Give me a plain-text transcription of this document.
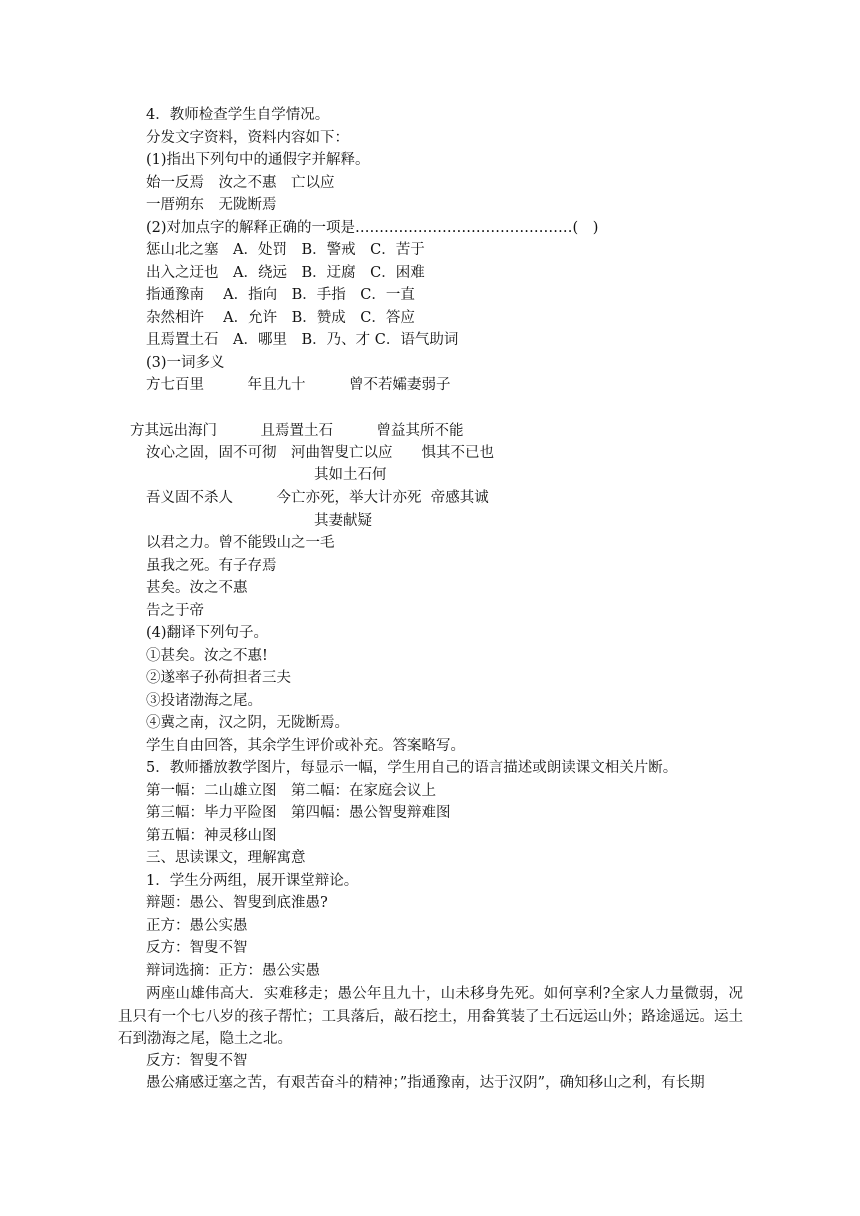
4．教师检查学生自学情况。
分发文字资料，资料内容如下：
(1)指出下列句中的通假字并解释。
始一反焉　汝之不惠　亡以应
一厝朔东　无陇断焉
(2)对加点字的解释正确的一项是………………………………………(　)
惩山北之塞　A．处罚　B．警戒　C．苦于
出入之迂也　A．绕远　B．迂腐　C．困难
指通豫南　 A．指向　B．手指　C．一直
杂然相许　 A．允许　B．赞成　C．答应
且焉置土石　A．哪里　B．乃、才 C．语气助词
(3)一词多义
方七百里　　　年且九十　　　曾不若孀妻弱子
方其远出海门　　　且焉置土石　　　曾益其所不能
汝心之固，固不可彻　河曲智叟亡以应　　惧其不已也
其如土石何
吾义固不杀人　　　今亡亦死，举大计亦死  帝感其诚
其妻献疑
以君之力。曾不能毁山之一毛
虽我之死。有子存焉
甚矣。汝之不惠
告之于帝
(4)翻译下列句子。
①甚矣。汝之不惠!
②遂率子孙荷担者三夫
③投诸渤海之尾。
④冀之南，汉之阴，无陇断焉。
学生自由回答，其余学生评价或补充。答案略写。
5．教师播放教学图片，每显示一幅，学生用自己的语言描述或朗读课文相关片断。
第一幅：二山雄立图　第二幅：在家庭会议上
第三幅：毕力平险图　第四幅：愚公智叟辩难图
第五幅：神灵移山图
三、思读课文，理解寓意
1．学生分两组，展开课堂辩论。
辩题：愚公、智叟到底淮愚?
正方：愚公实愚
反方：智叟不智
辩词选摘：正方：愚公实愚
两座山雄伟高大．实难移走；愚公年且九十，山未移身先死。如何享利?全家人力量微弱，况且只有一个七八岁的孩子帮忙；工具落后，敲石挖土，用畚箕装了土石远运山外；路途遥远。运土石到渤海之尾，隐土之北。
反方：智叟不智
愚公痛感迂塞之苦，有艰苦奋斗的精神；”指通豫南，达于汉阴”，确知移山之利，有长期
